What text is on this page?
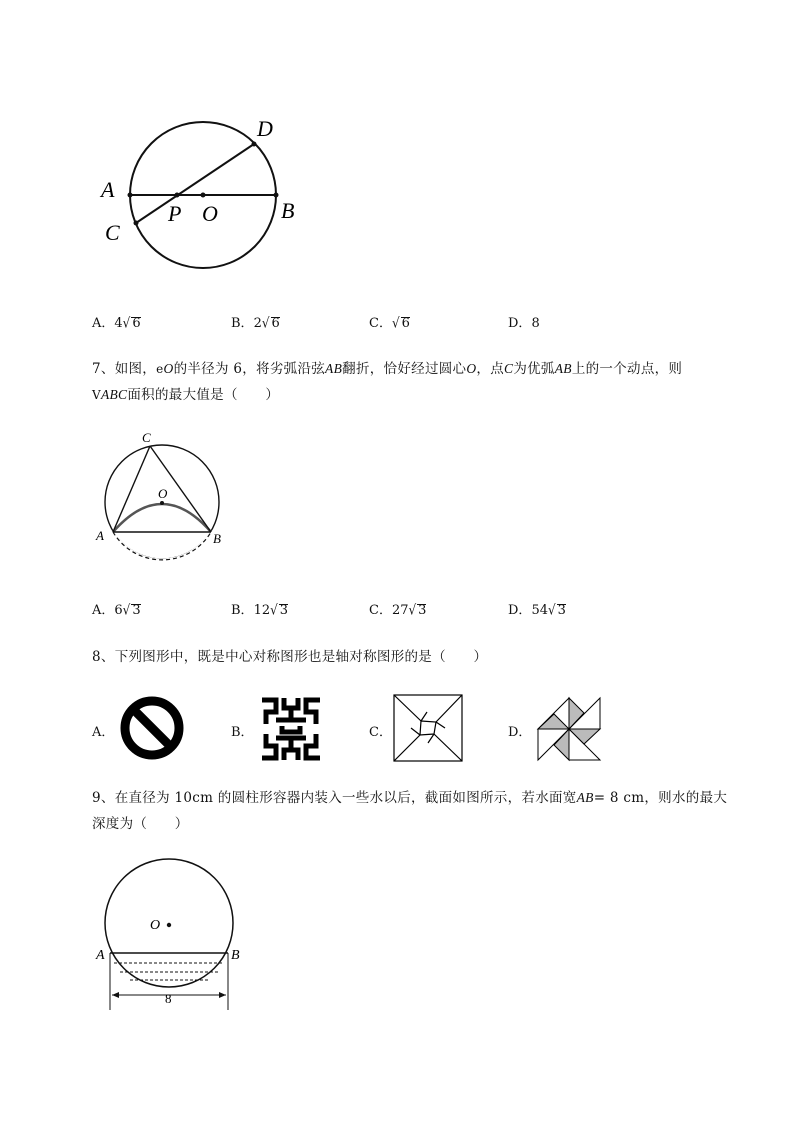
A
C
D
P O	B
A．4√ 6	B．2√ 6	C．√ 6	D．8
7、如图，eO的半径为 6，将劣弧沿弦AB翻折，恰好经过圆心O，点C为优弧AB上的一个动点，则
VABC面积的最大值是（　　）
C
O
A	B
A．6√ 3	B．12√ 3	C．27√ 3	D．54√ 3
8、下列图形中，既是中心对称图形也是轴对称图形的是（　　）
A．	B．	C．	D．
9、在直径为 10cm 的圆柱形容器内装入一些水以后，截面如图所示，若水面宽AB= 8 cm，则水的最大
深度为（　　）
O
A	B
8
